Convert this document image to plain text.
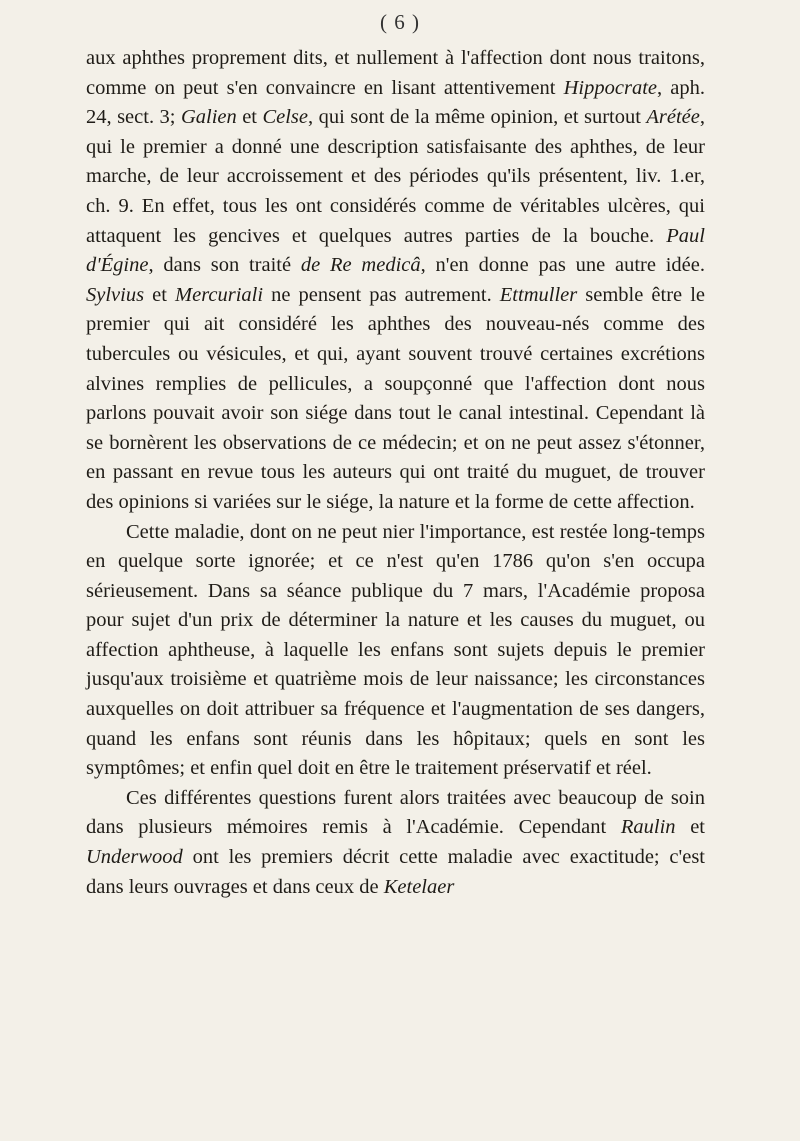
( 6 )

aux aphthes proprement dits, et nullement à l'affection dont nous traitons, comme on peut s'en convaincre en lisant attentivement Hippocrate, aph. 24, sect. 3; Galien et Celse, qui sont de la même opinion, et surtout Arétée, qui le premier a donné une description satisfaisante des aphthes, de leur marche, de leur accroissement et des périodes qu'ils présentent, liv. 1.er, ch. 9. En effet, tous les ont considérés comme de véritables ulcères, qui attaquent les gencives et quelques autres parties de la bouche. Paul d'Égine, dans son traité de Re medicâ, n'en donne pas une autre idée. Sylvius et Mercuriali ne pensent pas autrement. Ettmuller semble être le premier qui ait considéré les aphthes des nouveau-nés comme des tubercules ou vésicules, et qui, ayant souvent trouvé certaines excrétions alvines remplies de pellicules, a soupçonné que l'affection dont nous parlons pouvait avoir son siége dans tout le canal intestinal. Cependant là se bornèrent les observations de ce médecin; et on ne peut assez s'étonner, en passant en revue tous les auteurs qui ont traité du muguet, de trouver des opinions si variées sur le siége, la nature et la forme de cette affection.

Cette maladie, dont on ne peut nier l'importance, est restée long-temps en quelque sorte ignorée; et ce n'est qu'en 1786 qu'on s'en occupa sérieusement. Dans sa séance publique du 7 mars, l'Académie proposa pour sujet d'un prix de déterminer la nature et les causes du muguet, ou affection aphtheuse, à laquelle les enfans sont sujets depuis le premier jusqu'aux troisième et quatrième mois de leur naissance; les circonstances auxquelles on doit attribuer sa fréquence et l'augmentation de ses dangers, quand les enfans sont réunis dans les hôpitaux; quels en sont les symptômes; et enfin quel doit en être le traitement préservatif et réel.

Ces différentes questions furent alors traitées avec beaucoup de soin dans plusieurs mémoires remis à l'Académie. Cependant Raulin et Underwood ont les premiers décrit cette maladie avec exactitude; c'est dans leurs ouvrages et dans ceux de Ketelaer
